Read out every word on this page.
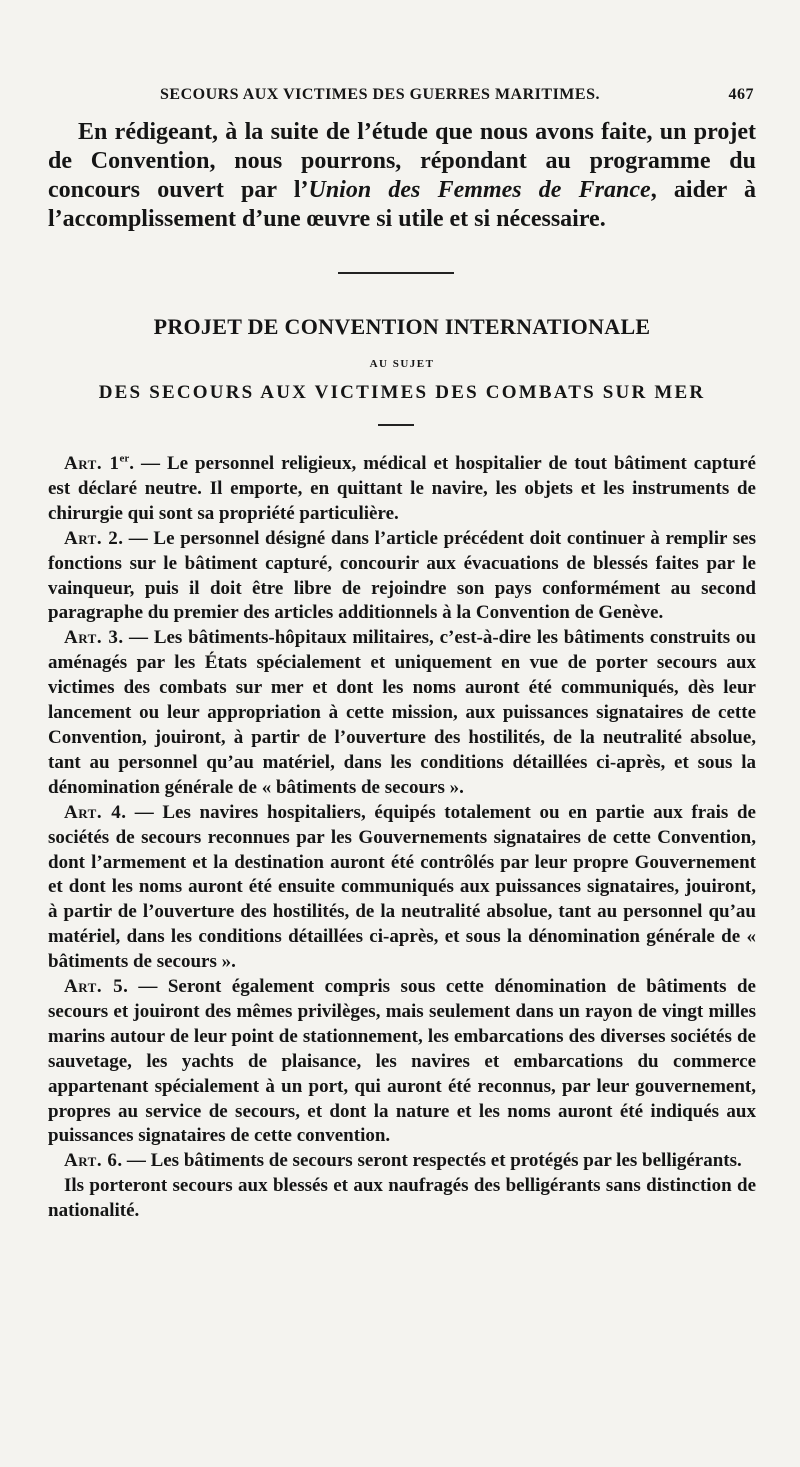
SECOURS AUX VICTIMES DES GUERRES MARITIMES.	467

En rédigeant, à la suite de l’étude que nous avons faite, un projet de Convention, nous pourrons, répondant au programme du concours ouvert par l’Union des Femmes de France, aider à l’accomplissement d’une œuvre si utile et si nécessaire.

PROJET DE CONVENTION INTERNATIONALE
AU SUJET
DES SECOURS AUX VICTIMES DES COMBATS SUR MER

Art. 1er. — Le personnel religieux, médical et hospitalier de tout bâtiment capturé est déclaré neutre. Il emporte, en quittant le navire, les objets et les instruments de chirurgie qui sont sa propriété particulière.

Art. 2. — Le personnel désigné dans l’article précédent doit continuer à remplir ses fonctions sur le bâtiment capturé, concourir aux évacuations de blessés faites par le vainqueur, puis il doit être libre de rejoindre son pays conformément au second paragraphe du premier des articles additionnels à la Convention de Genève.

Art. 3. — Les bâtiments-hôpitaux militaires, c’est-à-dire les bâtiments construits ou aménagés par les États spécialement et uniquement en vue de porter secours aux victimes des combats sur mer et dont les noms auront été communiqués, dès leur lancement ou leur appropriation à cette mission, aux puissances signataires de cette Convention, jouiront, à partir de l’ouverture des hostilités, de la neutralité absolue, tant au personnel qu’au matériel, dans les conditions détaillées ci-après, et sous la dénomination générale de « bâtiments de secours ».

Art. 4. — Les navires hospitaliers, équipés totalement ou en partie aux frais de sociétés de secours reconnues par les Gouvernements signataires de cette Convention, dont l’armement et la destination auront été contrôlés par leur propre Gouvernement et dont les noms auront été ensuite communiqués aux puissances signataires, jouiront, à partir de l’ouverture des hostilités, de la neutralité absolue, tant au personnel qu’au matériel, dans les conditions détaillées ci-après, et sous la dénomination générale de « bâtiments de secours ».

Art. 5. — Seront également compris sous cette dénomination de bâtiments de secours et jouiront des mêmes privilèges, mais seulement dans un rayon de vingt milles marins autour de leur point de stationnement, les embarcations des diverses sociétés de sauvetage, les yachts de plaisance, les navires et embarcations du commerce appartenant spécialement à un port, qui auront été reconnus, par leur gouvernement, propres au service de secours, et dont la nature et les noms auront été indiqués aux puissances signataires de cette convention.

Art. 6. — Les bâtiments de secours seront respectés et protégés par les belligérants.

Ils porteront secours aux blessés et aux naufragés des belligérants sans distinction de nationalité.
